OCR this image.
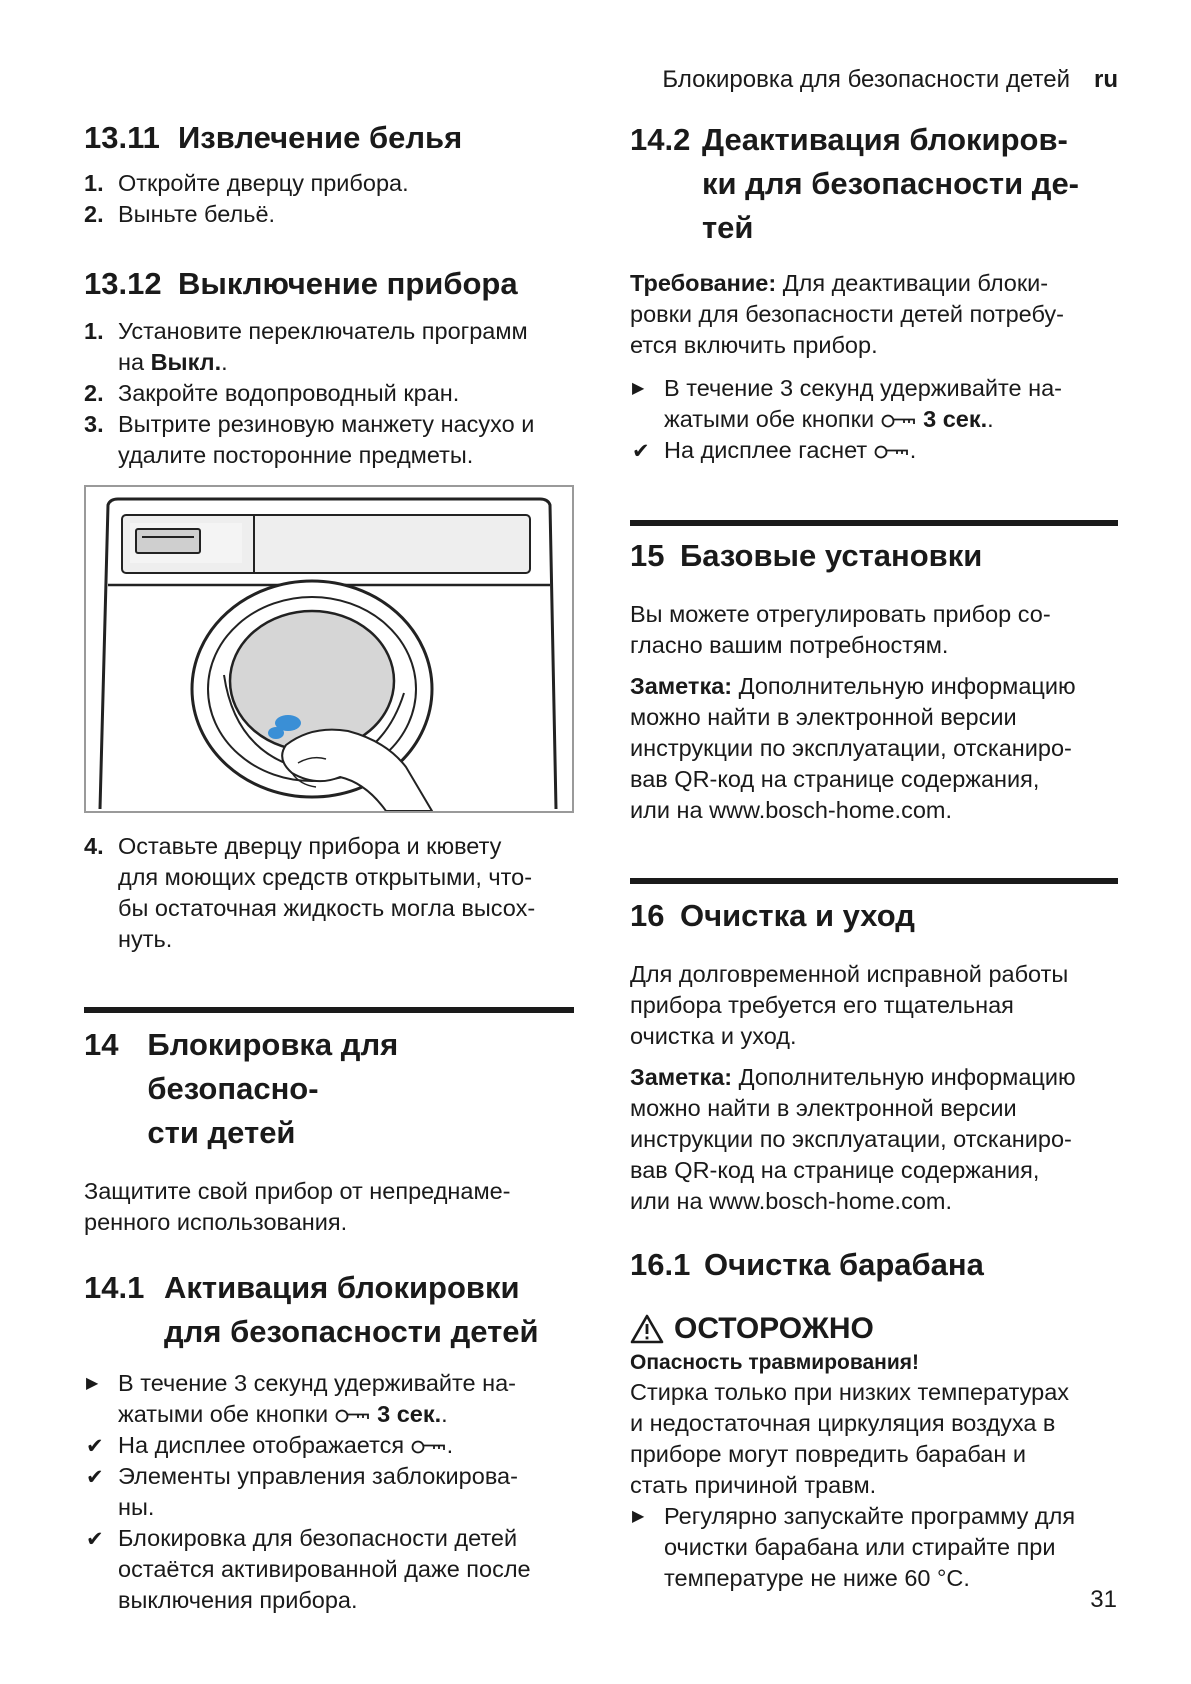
Блокировка для безопасности детей ru
13.11 Извлечение белья
1. Откройте дверцу прибора.
2. Выньте бельё.
13.12 Выключение прибора
1. Установите переключатель программ
на Выкл..
2. Закройте водопроводный кран.
3. Вытрите резиновую манжету насухо и
удалите посторонние предметы.
4. Оставьте дверцу прибора и кювету
для моющих средств открытыми, что-
бы остаточная жидкость могла высох-
нуть.
14 Блокировка для безопасно-
сти детей

Защитите свой прибор от непреднаме-
ренного использования.

14.1 Активация блокировки
для безопасности детей
▶ В течение 3 секунд удерживайте на-
жатыми обе кнопки 3 сек..
✔ На дисплее отображается .
✔ Элементы управления заблокирова-
ны.
✔ Блокировка для безопасности детей
остаётся активированной даже после
выключения прибора.
14.2 Деактивация блокиров-
ки для безопасности де-
тей

Требование: Для деактивации блоки-
ровки для безопасности детей потребу-
ется включить прибор.

▶ В течение 3 секунд удерживайте на-
жатыми обе кнопки 3 сек..
✔ На дисплее гаснет .
15 Базовые установки

Вы можете отрегулировать прибор со-
гласно вашим потребностям.

Заметка: Дополнительную информацию
можно найти в электронной версии
инструкции по эксплуатации, отсканиро-
вав QR-код на странице содержания,
или на www.bosch-home.com.

16 Очистка и уход

Для долговременной исправной работы
прибора требуется его тщательная
очистка и уход.

Заметка: Дополнительную информацию
можно найти в электронной версии
инструкции по эксплуатации, отсканиро-
вав QR-код на странице содержания,
или на www.bosch-home.com.

16.1 Очистка барабана
ОСТОРОЖНО
Опасность травмирования!

Стирка только при низких температурах
и недостаточная циркуляция воздуха в
приборе могут повредить барабан и
стать причиной травм.

▶ Регулярно запускайте программу для
очистки барабана или стирайте при
температуре не ниже 60 °C.
31
